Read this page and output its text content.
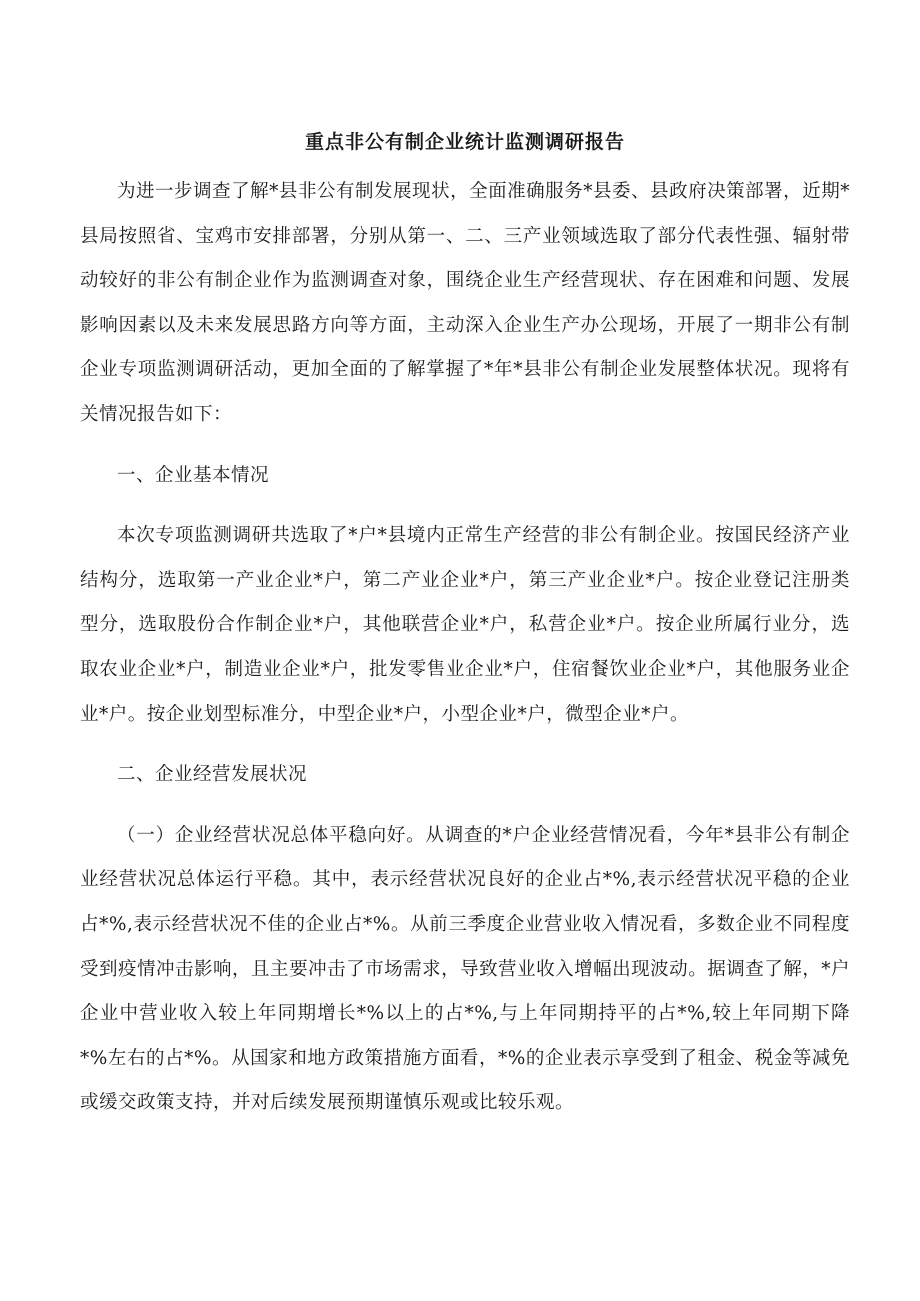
重点非公有制企业统计监测调研报告

为进一步调查了解*县非公有制发展现状，全面准确服务*县委、县政府决策部署，近期*县局按照省、宝鸡市安排部署，分别从第一、二、三产业领域选取了部分代表性强、辐射带动较好的非公有制企业作为监测调查对象，围绕企业生产经营现状、存在困难和问题、发展影响因素以及未来发展思路方向等方面，主动深入企业生产办公现场，开展了一期非公有制企业专项监测调研活动，更加全面的了解掌握了*年*县非公有制企业发展整体状况。现将有关情况报告如下：

一、企业基本情况

本次专项监测调研共选取了*户*县境内正常生产经营的非公有制企业。按国民经济产业结构分，选取第一产业企业*户，第二产业企业*户，第三产业企业*户。按企业登记注册类型分，选取股份合作制企业*户，其他联营企业*户，私营企业*户。按企业所属行业分，选取农业企业*户，制造业企业*户，批发零售业企业*户，住宿餐饮业企业*户，其他服务业企业*户。按企业划型标准分，中型企业*户，小型企业*户，微型企业*户。

二、企业经营发展状况

（一）企业经营状况总体平稳向好。从调查的*户企业经营情况看，今年*县非公有制企业经营状况总体运行平稳。其中，表示经营状况良好的企业占*%,表示经营状况平稳的企业占*%,表示经营状况不佳的企业占*%。从前三季度企业营业收入情况看，多数企业不同程度受到疫情冲击影响，且主要冲击了市场需求，导致营业收入增幅出现波动。据调查了解，*户企业中营业收入较上年同期增长*%以上的占*%,与上年同期持平的占*%,较上年同期下降*%左右的占*%。从国家和地方政策措施方面看，*%的企业表示享受到了租金、税金等减免或缓交政策支持，并对后续发展预期谨慎乐观或比较乐观。
